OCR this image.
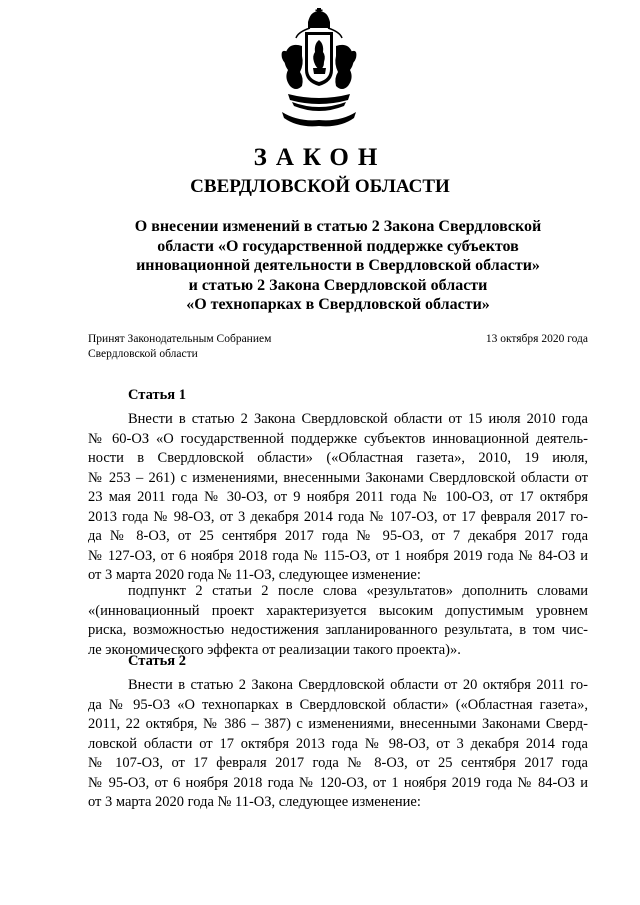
ЗАКОН
СВЕРДЛОВСКОЙ ОБЛАСТИ
О внесении изменений в статью 2 Закона Свердловской
области «О государственной поддержке субъектов
инновационной деятельности в Свердловской области»
и статью 2 Закона Свердловской области
«О технопарках в Свердловской области»
Принят Законодательным Собранием
Свердловской области
13 октября 2020 года
Статья 1
Внести в статью 2 Закона Свердловской области от 15 июля 2010 года
№ 60-ОЗ «О государственной поддержке субъектов инновационной деятель-
ности в Свердловской области» («Областная газета», 2010, 19 июля,
№ 253 – 261) с изменениями, внесенными Законами Свердловской области от
23 мая 2011 года № 30-ОЗ, от 9 ноября 2011 года № 100-ОЗ, от 17 октября
2013 года № 98-ОЗ, от 3 декабря 2014 года № 107-ОЗ, от 17 февраля 2017 го-
да № 8-ОЗ, от 25 сентября 2017 года № 95-ОЗ, от 7 декабря 2017 года
№ 127-ОЗ, от 6 ноября 2018 года № 115-ОЗ, от 1 ноября 2019 года № 84-ОЗ и
от 3 марта 2020 года № 11-ОЗ, следующее изменение:
подпункт 2 статьи 2 после слова «результатов» дополнить словами
«(инновационный проект характеризуется высоким допустимым уровнем
риска, возможностью недостижения запланированного результата, в том чис-
ле экономического эффекта от реализации такого проекта)».
Статья 2
Внести в статью 2 Закона Свердловской области от 20 октября 2011 го-
да № 95-ОЗ «О технопарках в Свердловской области» («Областная газета»,
2011, 22 октября, № 386 – 387) с изменениями, внесенными Законами Сверд-
ловской области от 17 октября 2013 года № 98-ОЗ, от 3 декабря 2014 года
№ 107-ОЗ, от 17 февраля 2017 года № 8-ОЗ, от 25 сентября 2017 года
№ 95-ОЗ, от 6 ноября 2018 года № 120-ОЗ, от 1 ноября 2019 года № 84-ОЗ и
от 3 марта 2020 года № 11-ОЗ, следующее изменение:
